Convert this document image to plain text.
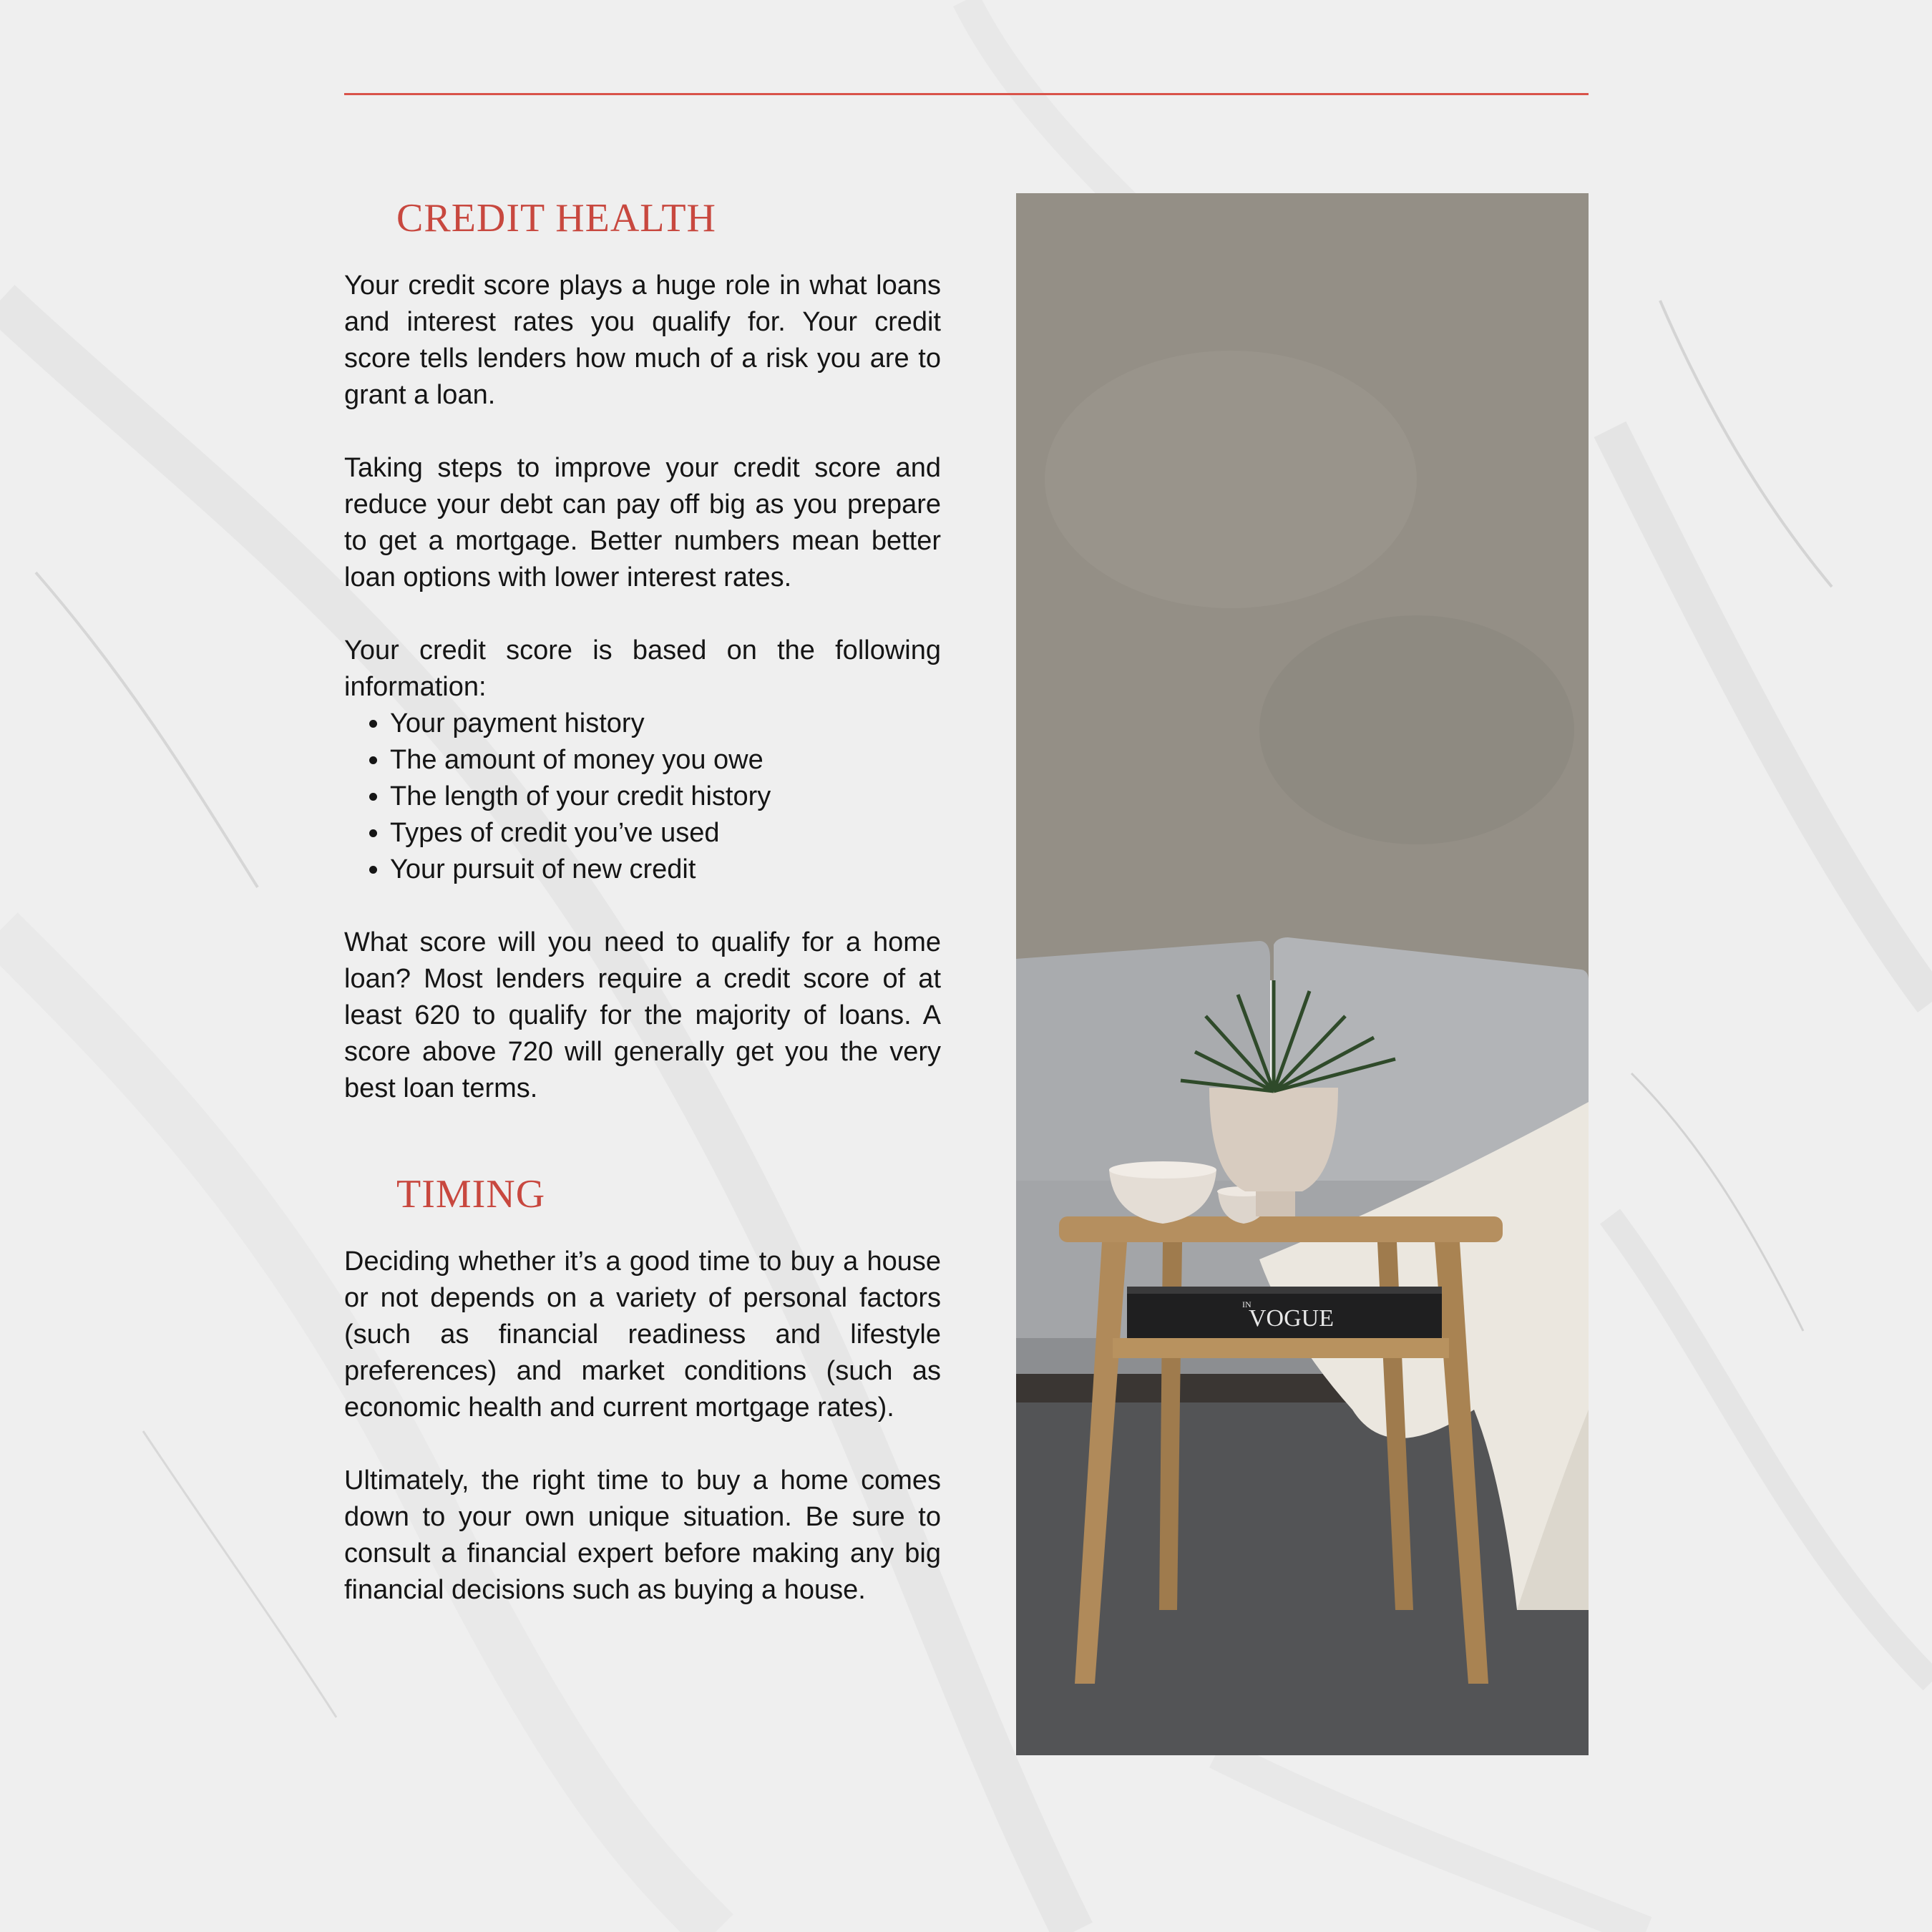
CREDIT HEALTH

Your credit score plays a huge role in what loans and interest rates you qualify for. Your credit score tells lenders how much of a risk you are to grant a loan.

Taking steps to improve your credit score and reduce your debt can pay off big as you prepare to get a mortgage. Better numbers mean better loan options with lower interest rates.

Your credit score is based on the following information:

• Your payment history
• The amount of money you owe
• The length of your credit history
• Types of credit you’ve used
• Your pursuit of new credit

What score will you need to qualify for a home loan? Most lenders require a credit score of at least 620 to qualify for the majority of loans. A score above 720 will generally get you the very best loan terms.

TIMING

Deciding whether it’s a good time to buy a house or not depends on a variety of personal factors (such as financial readiness and lifestyle preferences) and market conditions (such as economic health and current mortgage rates).

Ultimately, the right time to buy a home comes down to your own unique situation. Be sure to consult a financial expert before making any big financial decisions such as buying a house.

VOGUE
IN
